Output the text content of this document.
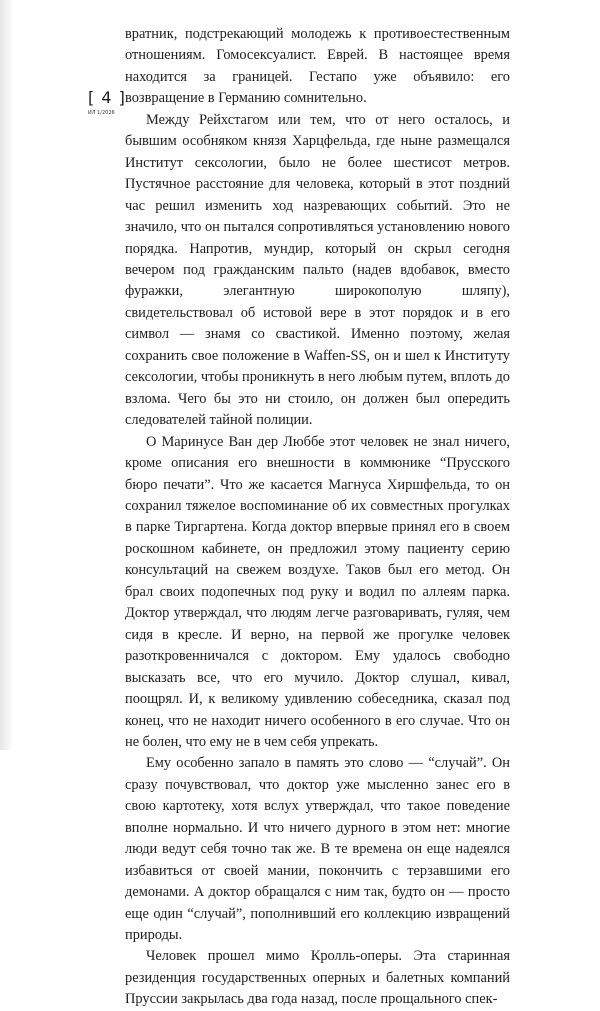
[ 4 ]
ИЛ 1/2026

вратник, подстрекающий молодежь к противоестественным отношениям. Гомосексуалист. Еврей. В настоящее время находится за границей. Гестапо уже объявило: его возвращение в Германию сомнительно.

Между Рейхстагом или тем, что от него осталось, и бывшим особняком князя Харцфельда, где ныне размещался Институт сексологии, было не более шестисот метров. Пустячное расстояние для человека, который в этот поздний час решил изменить ход назревающих событий. Это не значило, что он пытался сопротивляться установлению нового порядка. Напротив, мундир, который он скрыл сегодня вечером под гражданским пальто (надев вдобавок, вместо фуражки, элегантную широкополую шляпу), свидетельствовал об истовой вере в этот порядок и в его символ — знамя со свастикой. Именно поэтому, желая сохранить свое положение в Waffen-SS, он и шел к Институту сексологии, чтобы проникнуть в него любым путем, вплоть до взлома. Чего бы это ни стоило, он должен был опередить следователей тайной полиции.

О Маринусе Ван дер Люббе этот человек не знал ничего, кроме описания его внешности в коммюнике “Прусского бюро печати”. Что же касается Магнуса Хиршфельда, то он сохранил тяжелое воспоминание об их совместных прогулках в парке Тиргартена. Когда доктор впервые принял его в своем роскошном кабинете, он предложил этому пациенту серию консультаций на свежем воздухе. Таков был его метод. Он брал своих подопечных под руку и водил по аллеям парка. Доктор утверждал, что людям легче разговаривать, гуляя, чем сидя в кресле. И верно, на первой же прогулке человек разоткровенничался с доктором. Ему удалось свободно высказать все, что его мучило. Доктор слушал, кивал, поощрял. И, к великому удивлению собеседника, сказал под конец, что не находит ничего особенного в его случае. Что он не болен, что ему не в чем себя упрекать.

Ему особенно запало в память это слово — “случай”. Он сразу почувствовал, что доктор уже мысленно занес его в свою картотеку, хотя вслух утверждал, что такое поведение вполне нормально. И что ничего дурного в этом нет: многие люди ведут себя точно так же. В те времена он еще надеялся избавиться от своей мании, покончить с терзавшими его демонами. А доктор обращался с ним так, будто он — просто еще один “случай”, пополнивший его коллекцию извращений природы.

Человек прошел мимо Кролль-оперы. Эта старинная резиденция государственных оперных и балетных компаний Пруссии закрылась два года назад, после прощального спек-
